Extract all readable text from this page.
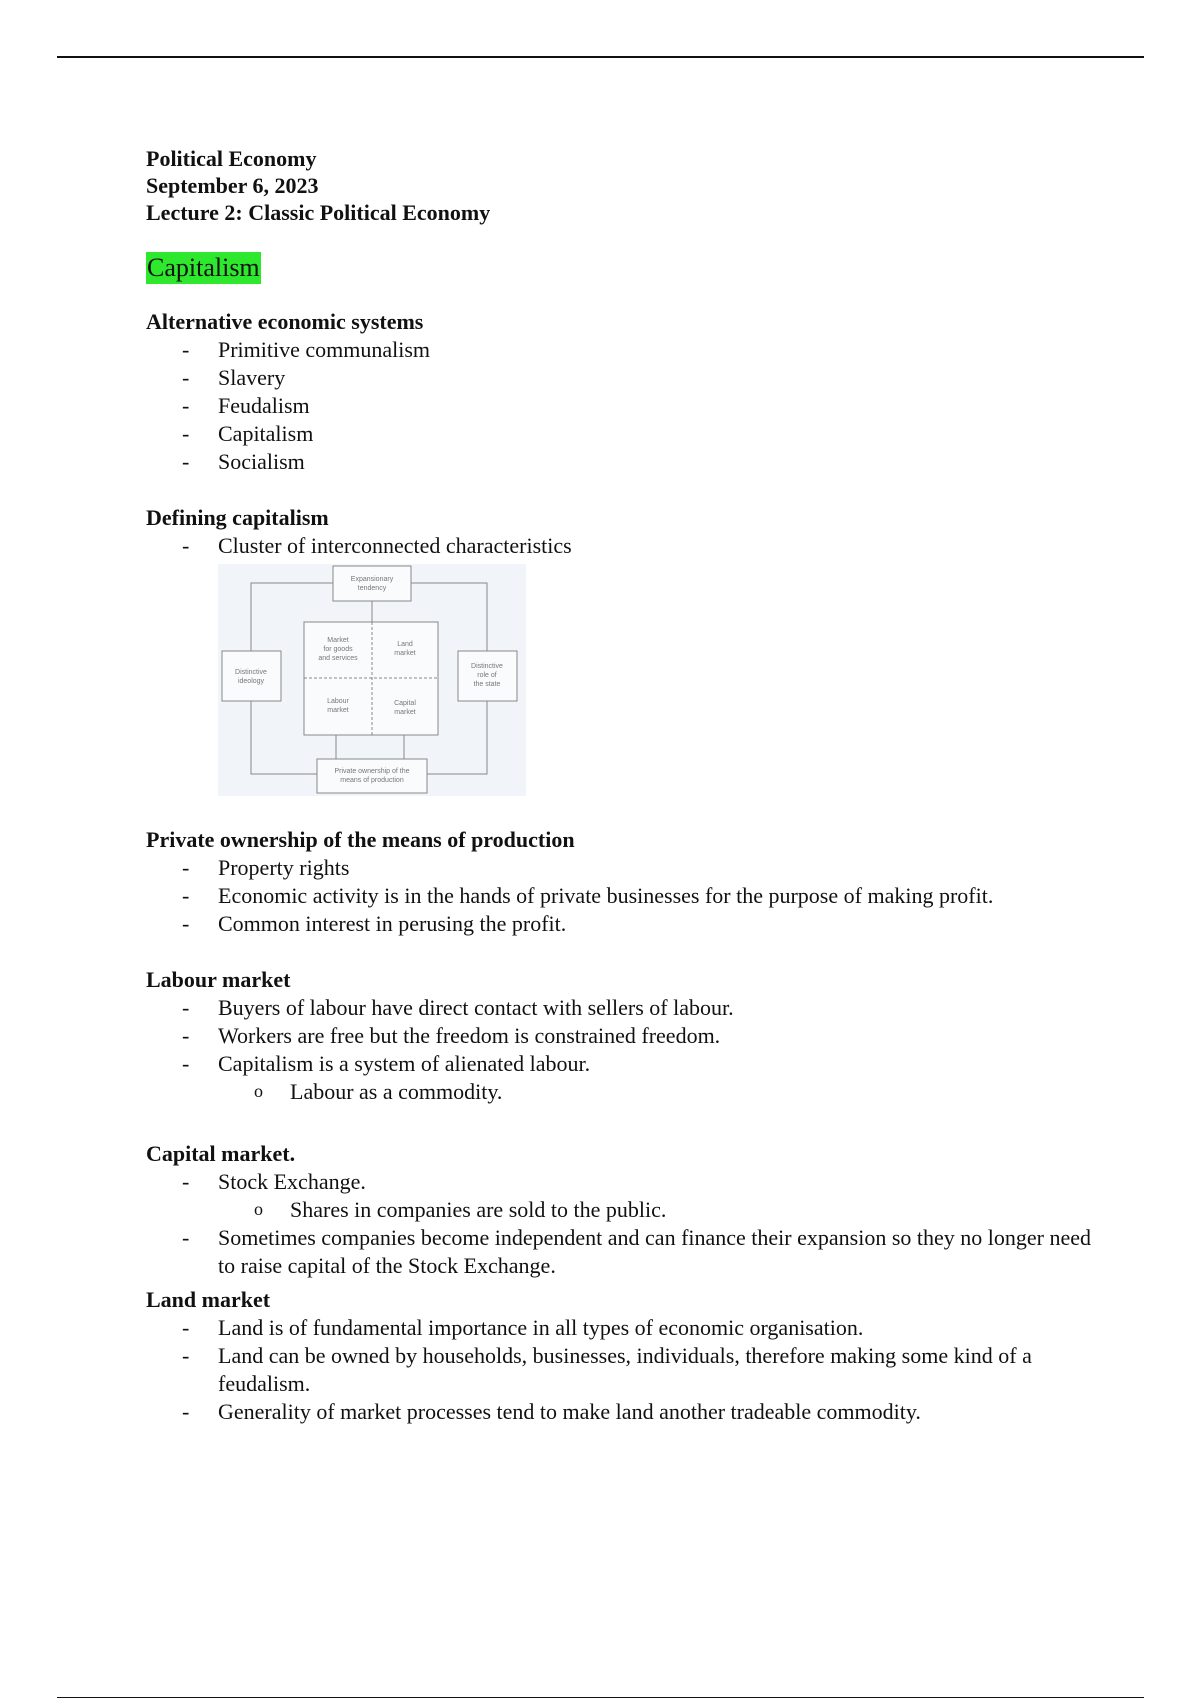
Political Economy
September 6, 2023
Lecture 2: Classic Political Economy
Capitalism
Alternative economic systems
- Primitive communalism
- Slavery
- Feudalism
- Capitalism
- Socialism
Defining capitalism
- Cluster of interconnected characteristics
Expansionary
tendency
Distinctive
ideology
Distinctive
role of
the state
Private ownership of the
means of production
Market
for goods
and services
Land
market
Labour
market
Capital
market
Private ownership of the means of production
- Property rights
- Economic activity is in the hands of private businesses for the purpose of making profit.
- Common interest in perusing the profit.
Labour market
- Buyers of labour have direct contact with sellers of labour.
- Workers are free but the freedom is constrained freedom.
- Capitalism is a system of alienated labour.
o Labour as a commodity.
Capital market.
- Stock Exchange.
o Shares in companies are sold to the public.
- Sometimes companies become independent and can finance their expansion so they no longer need to raise capital of the Stock Exchange.
Land market
- Land is of fundamental importance in all types of economic organisation.
- Land can be owned by households, businesses, individuals, therefore making some kind of a feudalism.
- Generality of market processes tend to make land another tradeable commodity.
